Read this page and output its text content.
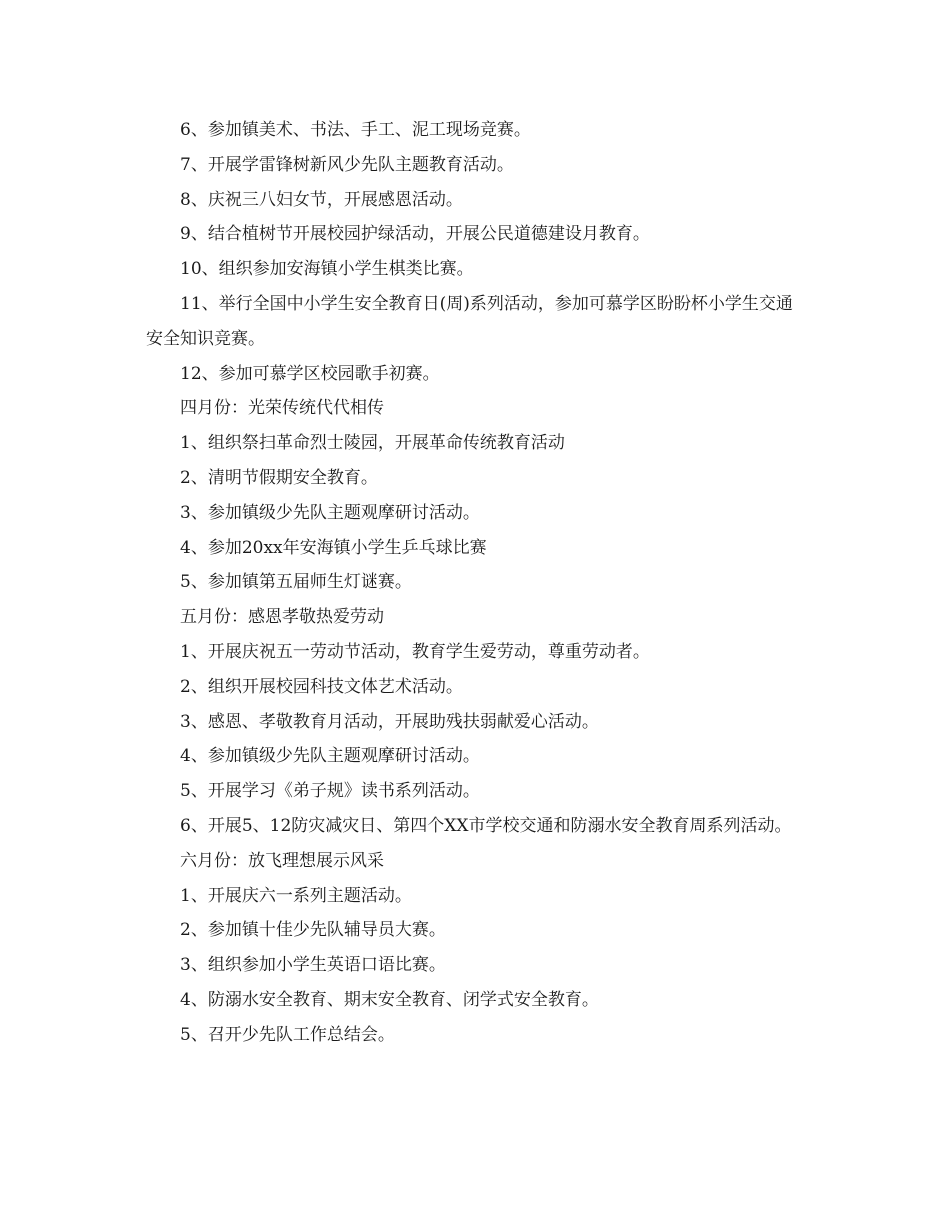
6、参加镇美术、书法、手工、泥工现场竞赛。

7、开展学雷锋树新风少先队主题教育活动。

8、庆祝三八妇女节，开展感恩活动。

9、结合植树节开展校园护绿活动，开展公民道德建设月教育。

10、组织参加安海镇小学生棋类比赛。

11、举行全国中小学生安全教育日(周)系列活动，参加可慕学区盼盼杯小学生交通安全知识竞赛。

12、参加可慕学区校园歌手初赛。

四月份：光荣传统代代相传

1、组织祭扫革命烈士陵园，开展革命传统教育活动

2、清明节假期安全教育。

3、参加镇级少先队主题观摩研讨活动。

4、参加20xx年安海镇小学生乒乓球比赛

5、参加镇第五届师生灯谜赛。

五月份：感恩孝敬热爱劳动

1、开展庆祝五一劳动节活动，教育学生爱劳动，尊重劳动者。

2、组织开展校园科技文体艺术活动。

3、感恩、孝敬教育月活动，开展助残扶弱献爱心活动。

4、参加镇级少先队主题观摩研讨活动。

5、开展学习《弟子规》读书系列活动。

6、开展5、12防灾减灾日、第四个XX市学校交通和防溺水安全教育周系列活动。

六月份：放飞理想展示风采

1、开展庆六一系列主题活动。

2、参加镇十佳少先队辅导员大赛。

3、组织参加小学生英语口语比赛。

4、防溺水安全教育、期末安全教育、闭学式安全教育。

5、召开少先队工作总结会。
